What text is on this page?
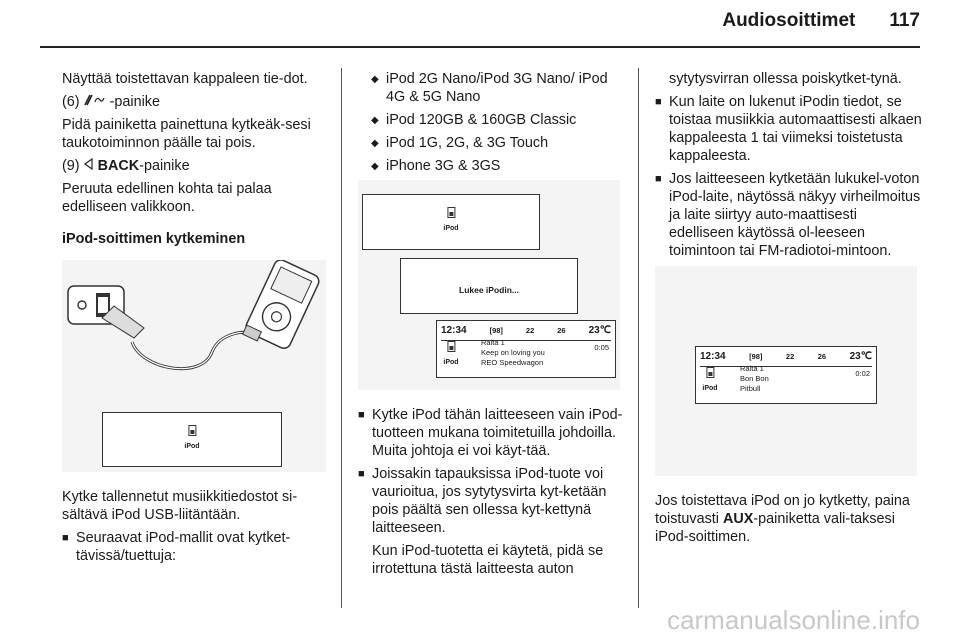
Audiosoittimet 117

Näyttää toistettavan kappaleen tie-dot.

(6) -painike

Pidä painiketta painettuna kytkeäk-sesi taukotoiminnon päälle tai pois.

(9) BACK-painike

Peruuta edellinen kohta tai palaa edelliseen valikkoon.

iPod-soittimen kytkeminen
iPod

Kytke tallennetut musiikkitiedostot si-sältävä iPod USB-liitäntään.

■ Seuraavat iPod-mallit ovat kytket-tävissä/tuettuja:
◆ iPod 2G Nano/iPod 3G Nano/ iPod 4G & 5G Nano
◆ iPod 120GB & 160GB Classic
◆ iPod 1G, 2G, & 3G Touch
◆ iPhone 3G & 3GS
iPod
Lukee iPodin...
12:34	[98]	22	26 23℃
iPod
Raita 1
Keep on loving you
REO Speedwagon
0:05
■ Kytke iPod tähän laitteeseen vain iPod-tuotteen mukana toimitetuilla johdoilla. Muita johtoja ei voi käyt-tää.
■ Joissakin tapauksissa iPod-tuote voi vaurioitua, jos sytytysvirta kyt-ketään pois päältä sen ollessa kyt-kettynä laitteeseen.

Kun iPod-tuotetta ei käytetä, pidä se irrotettuna tästä laitteesta auton

sytytysvirran ollessa poiskytket-tynä.

■ Kun laite on lukenut iPodin tiedot, se toistaa musiikkia automaattisesti alkaen kappaleesta 1 tai viimeksi toistetusta kappaleesta.
■ Jos laitteeseen kytketään lukukel-voton iPod-laite, näytössä näkyy virheilmoitus ja laite siirtyy auto-maattisesti edelliseen käytössä ol-leeseen toimintoon tai FM-radiotoi-mintoon.
12:34	[98]	22	26 23℃
iPod
Raita 1
Bon Bon
Pitbull
0:02

Jos toistettava iPod on jo kytketty, paina toistuvasti AUX-painiketta vali-taksesi iPod-soittimen.

carmanualsonline.info
